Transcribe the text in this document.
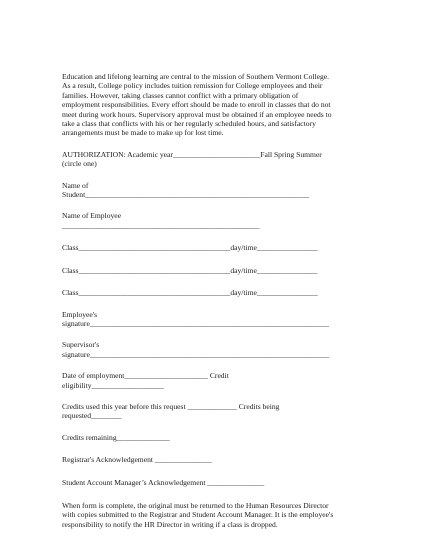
Education and lifelong learning are central to the mission of Southern Vermont College.
As a result, College policy includes tuition remission for College employees and their
families. However, taking classes cannot conflict with a primary obligation of
employment responsibilities. Every effort should be made to enroll in classes that do not
meet during work hours. Supervisory approval must be obtained if an employee needs to
take a class that conflicts with his or her regularly scheduled hours, and satisfactory
arrangements must be made to make up for lost time.

AUTHORIZATION: Academic year_______________________Fall Spring Summer

(circle one)

Name of

Student___________________________________________________________

Name of Employee

____________________________________________________

Class________________________________________day/time________________

Class________________________________________day/time________________

Class________________________________________day/time________________

Employee's

signature_______________________________________________________________

Supervisor's

signature_______________________________________________________________

Date of employment______________________ Credit

eligibility___________________

Credits used this year before this request _____________ Credits being

requested________

Credits remaining______________

Registrar's Acknowledgement _______________

Student Account Manager’s Acknowledgement _______________

When form is complete, the original must be returned to the Human Resources Director
with copies submitted to the Registrar and Student Account Manager. It is the employee's
responsibility to notify the HR Director in writing if a class is dropped.
